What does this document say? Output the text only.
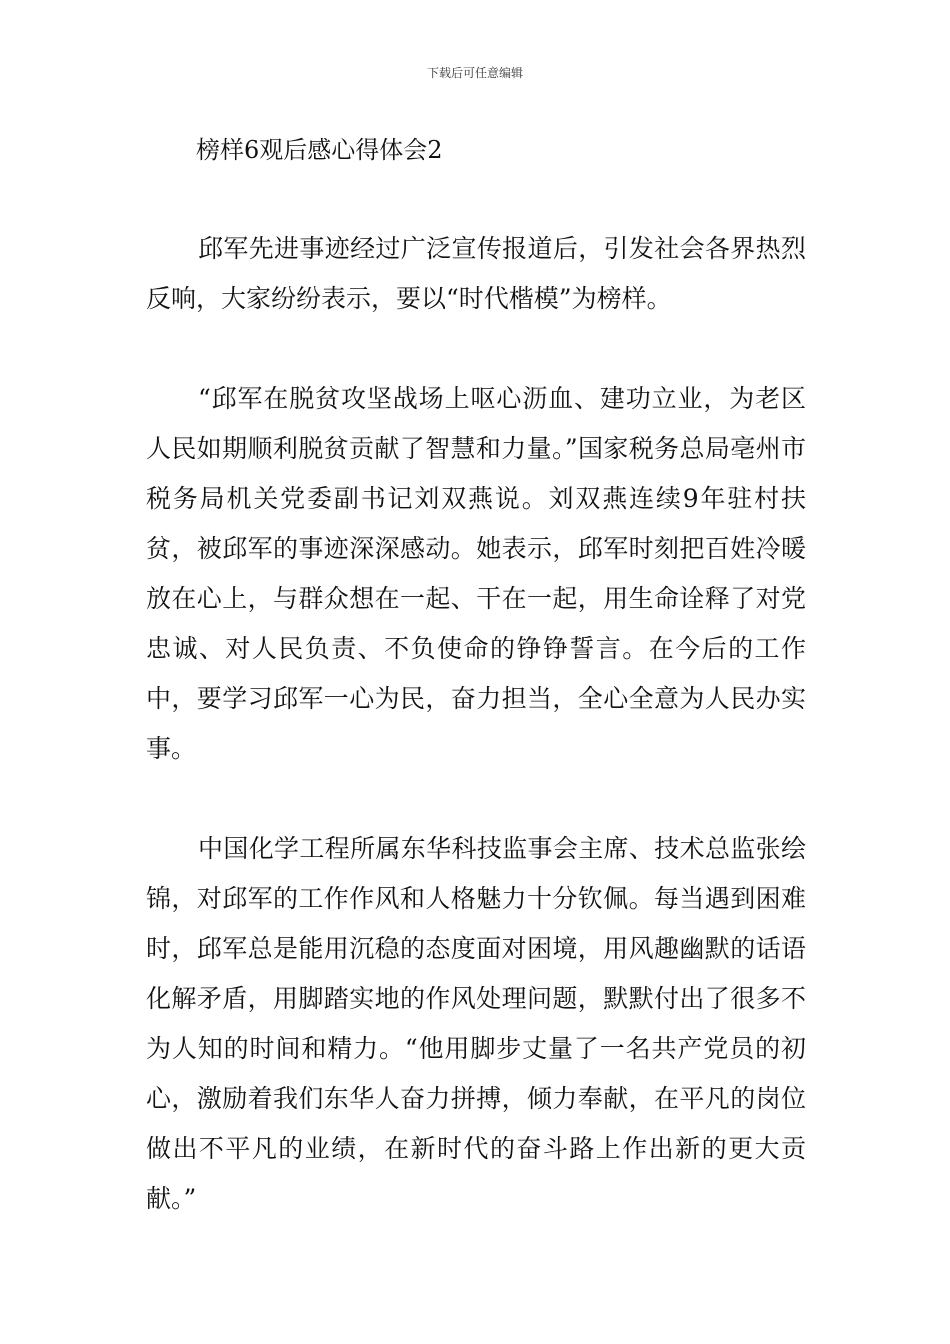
下载后可任意编辑
榜样6观后感心得体会2

邱军先进事迹经过广泛宣传报道后，引发社会各界热烈反响，大家纷纷表示，要以“时代楷模”为榜样。

“邱军在脱贫攻坚战场上呕心沥血、建功立业，为老区人民如期顺利脱贫贡献了智慧和力量。”国家税务总局亳州市税务局机关党委副书记刘双燕说。刘双燕连续9年驻村扶贫，被邱军的事迹深深感动。她表示，邱军时刻把百姓冷暖放在心上，与群众想在一起、干在一起，用生命诠释了对党忠诚、对人民负责、不负使命的铮铮誓言。在今后的工作中，要学习邱军一心为民，奋力担当，全心全意为人民办实事。

中国化学工程所属东华科技监事会主席、技术总监张绘锦，对邱军的工作作风和人格魅力十分钦佩。每当遇到困难时，邱军总是能用沉稳的态度面对困境，用风趣幽默的话语化解矛盾，用脚踏实地的作风处理问题，默默付出了很多不为人知的时间和精力。“他用脚步丈量了一名共产党员的初心，激励着我们东华人奋力拼搏，倾力奉献，在平凡的岗位做出不平凡的业绩，在新时代的奋斗路上作出新的更大贡献。”
